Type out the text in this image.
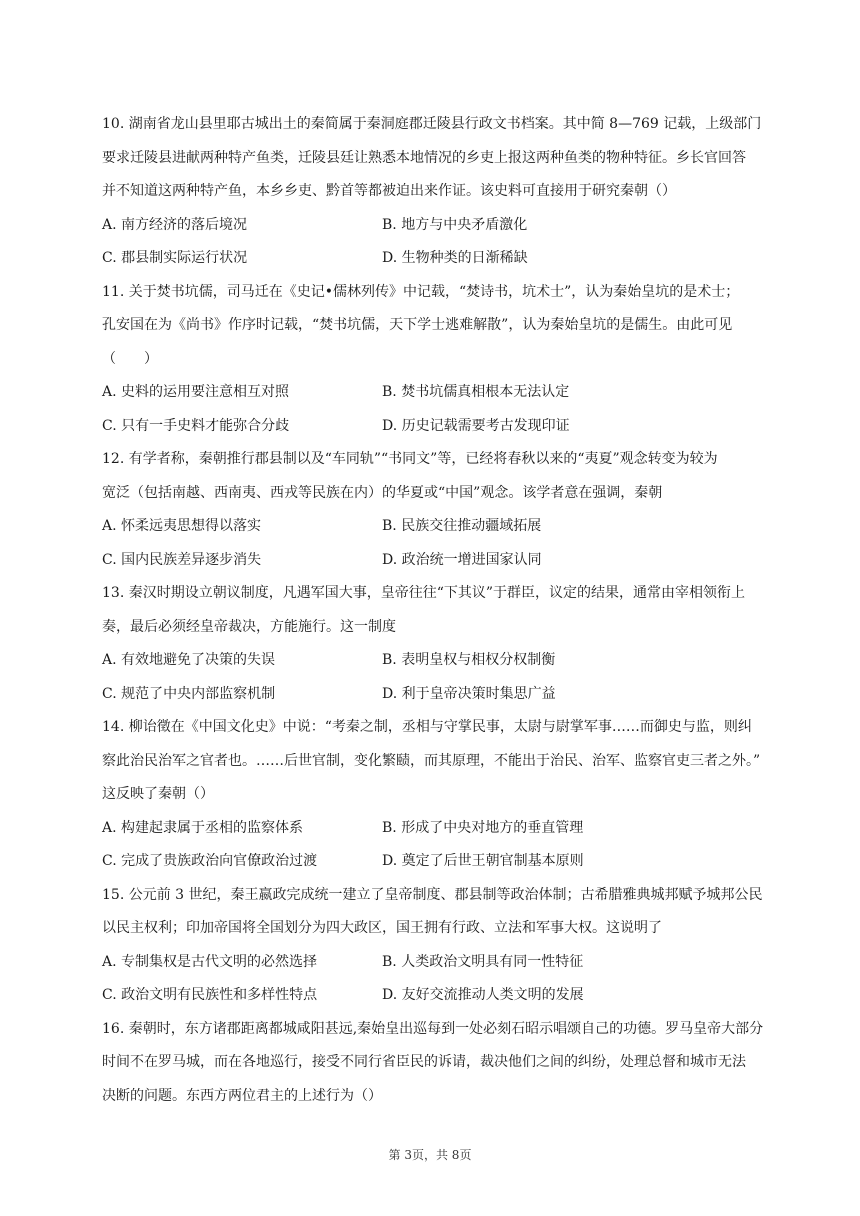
10. 湖南省龙山县里耶古城出土的秦简属于秦洞庭郡迁陵县行政文书档案。其中简 8—769 记载，上级部门

要求迁陵县进献两种特产鱼类，迁陵县廷让熟悉本地情况的乡吏上报这两种鱼类的物种特征。乡长官回答

并不知道这两种特产鱼，本乡乡吏、黔首等都被迫出来作证。该史料可直接用于研究秦朝（）

A. 南方经济的落后境况	B. 地方与中央矛盾激化
C. 郡县制实际运行状况	D. 生物种类的日渐稀缺

11. 关于焚书坑儒，司马迁在《史记•儒林列传》中记载，“焚诗书，坑术士”，认为秦始皇坑的是术士；

孔安国在为《尚书》作序时记载，“焚书坑儒，天下学士逃难解散”，认为秦始皇坑的是儒生。由此可见

（　　）

A. 史料的运用要注意相互对照	B. 焚书坑儒真相根本无法认定
C. 只有一手史料才能弥合分歧	D. 历史记载需要考古发现印证

12. 有学者称，秦朝推行郡县制以及“车同轨”“书同文”等，已经将春秋以来的“夷夏”观念转变为较为

宽泛（包括南越、西南夷、西戎等民族在内）的华夏或“中国”观念。该学者意在强调，秦朝

A. 怀柔远夷思想得以落实	B. 民族交往推动疆域拓展
C. 国内民族差异逐步消失	D. 政治统一增进国家认同

13. 秦汉时期设立朝议制度，凡遇军国大事，皇帝往往“下其议”于群臣，议定的结果，通常由宰相领衔上

奏，最后必须经皇帝裁决，方能施行。这一制度

A. 有效地避免了决策的失误	B. 表明皇权与相权分权制衡
C. 规范了中央内部监察机制	D. 利于皇帝决策时集思广益

14. 柳诒徵在《中国文化史》中说：“考秦之制，丞相与守掌民事，太尉与尉掌军事……而御史与监，则纠

察此治民治军之官者也。……后世官制，变化繁赜，而其原理，不能出于治民、治军、监察官吏三者之外。”

这反映了秦朝（）

A. 构建起隶属于丞相的监察体系	B. 形成了中央对地方的垂直管理
C. 完成了贵族政治向官僚政治过渡	D. 奠定了后世王朝官制基本原则

15. 公元前 3 世纪，秦王嬴政完成统一建立了皇帝制度、郡县制等政治体制；古希腊雅典城邦赋予城邦公民

以民主权利；印加帝国将全国划分为四大政区，国王拥有行政、立法和军事大权。这说明了

A. 专制集权是古代文明的必然选择	B. 人类政治文明具有同一性特征
C. 政治文明有民族性和多样性特点	D. 友好交流推动人类文明的发展

16. 秦朝时，东方诸郡距离都城咸阳甚远,秦始皇出巡每到一处必刻石昭示唱颂自己的功德。罗马皇帝大部分

时间不在罗马城，而在各地巡行，接受不同行省臣民的诉请，裁决他们之间的纠纷，处理总督和城市无法

决断的问题。东西方两位君主的上述行为（）

第 3页，共 8页
